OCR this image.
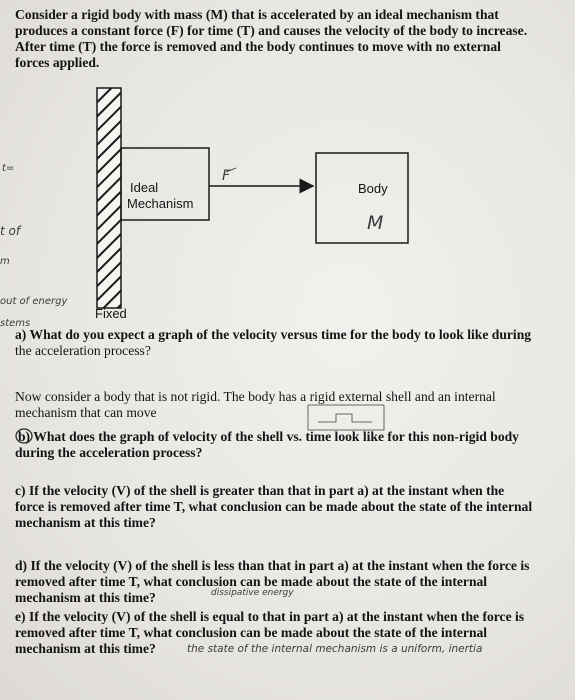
Consider a rigid body with mass (M) that is accelerated by an ideal mechanism that
produces a constant force (F) for time (T) and causes the velocity of the body to increase.
After time (T) the force is removed and the body continues to move with no external
forces applied.
Ideal
Mechanism
Body
M
F
Fixed
t=
t of
m
out of energy
stems
a) What do you expect a graph of the velocity versus time for the body to look like during
the acceleration process?
Now consider a body that is not rigid. The body has a rigid external shell and an internal
mechanism that can move
b) What does the graph of velocity of the shell vs. time look like for this non-rigid body
during the acceleration process?
c) If the velocity (V) of the shell is greater than that in part a) at the instant when the
force is removed after time T, what conclusion can be made about the state of the internal
mechanism at this time?
d) If the velocity (V) of the shell is less than that in part a) at the instant when the force is
removed after time T, what conclusion can be made about the state of the internal
mechanism at this time?	dissipative energy
e) If the velocity (V) of the shell is equal to that in part a) at the instant when the force is
removed after time T, what conclusion can be made about the state of the internal
mechanism at this time?	the state of the internal mechanism is a uniform, inertia
